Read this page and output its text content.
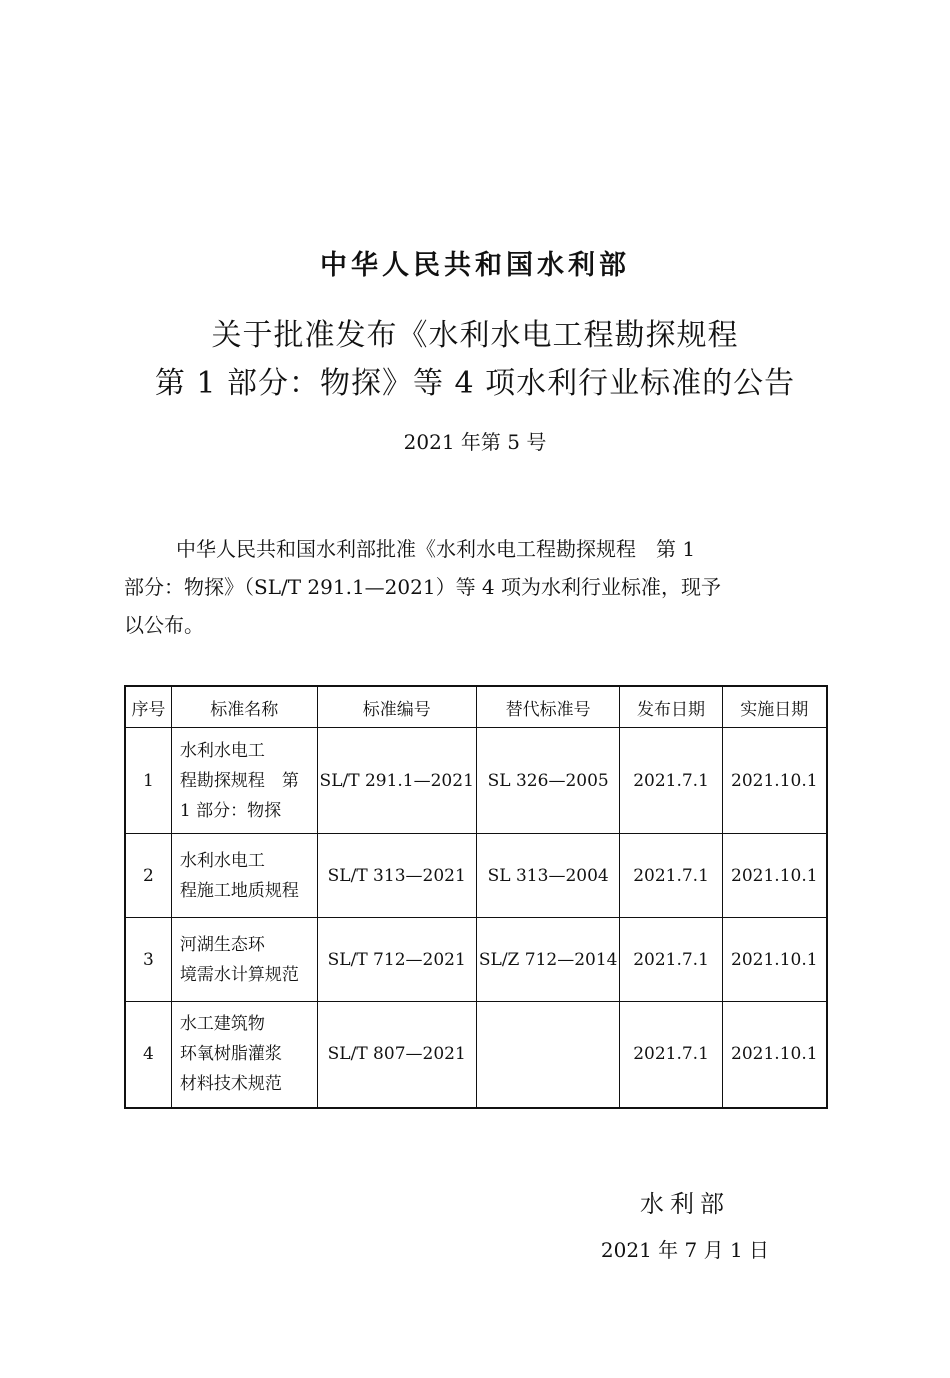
中华人民共和国水利部
关于批准发布《水利水电工程勘探规程
第 1 部分：物探》等 4 项水利行业标准的公告
2021 年第 5 号
中华人民共和国水利部批准《水利水电工程勘探规程　第 1
部分：物探》（SL/T 291.1—2021）等 4 项为水利行业标准，现予
以公布。
序号	标准名称	标准编号	替代标准号	发布日期	实施日期
1	水利水电工
程勘探规程　第
1 部分：物探	SL/T 291.1—2021	SL 326—2005	2021.7.1	2021.10.1
2	水利水电工
程施工地质规程	SL/T 313—2021	SL 313—2004	2021.7.1	2021.10.1
3	河湖生态环
境需水计算规范	SL/T 712—2021	SL/Z 712—2014	2021.7.1	2021.10.1
4	水工建筑物
环氧树脂灌浆
材料技术规范	SL/T 807—2021		2021.7.1	2021.10.1
水利部
2021 年 7 月 1 日
